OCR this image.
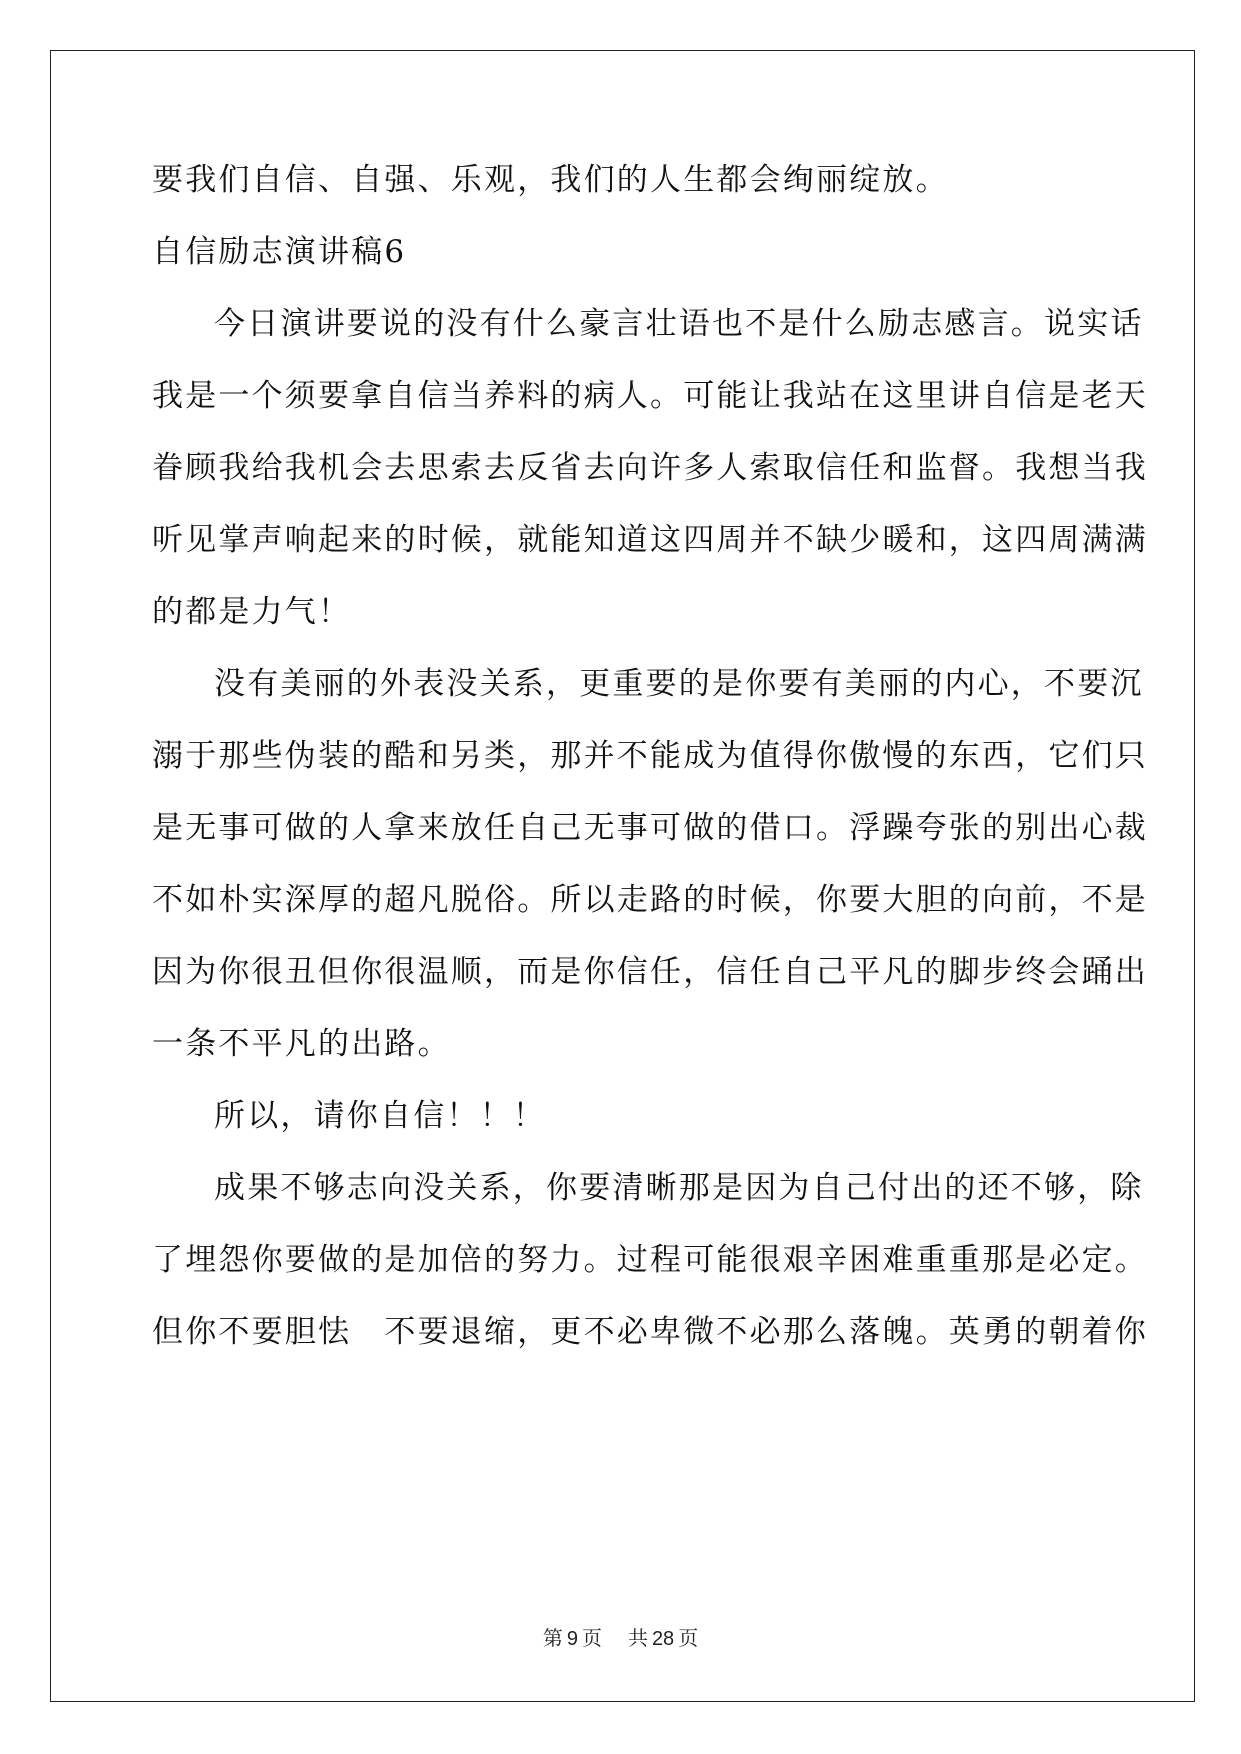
要我们自信、自强、乐观，我们的人生都会绚丽绽放。
自信励志演讲稿6
今日演讲要说的没有什么豪言壮语也不是什么励志感言。说实话
我是一个须要拿自信当养料的病人。可能让我站在这里讲自信是老天
眷顾我给我机会去思索去反省去向许多人索取信任和监督。我想当我
听见掌声响起来的时候，就能知道这四周并不缺少暖和，这四周满满
的都是力气！
没有美丽的外表没关系，更重要的是你要有美丽的内心，不要沉
溺于那些伪装的酷和另类，那并不能成为值得你傲慢的东西，它们只
是无事可做的人拿来放任自己无事可做的借口。浮躁夸张的别出心裁
不如朴实深厚的超凡脱俗。所以走路的时候，你要大胆的向前，不是
因为你很丑但你很温顺，而是你信任，信任自己平凡的脚步终会踊出
一条不平凡的出路。
所以，请你自信！！！
成果不够志向没关系，你要清晰那是因为自己付出的还不够，除
了埋怨你要做的是加倍的努力。过程可能很艰辛困难重重那是必定。
但你不要胆怯　不要退缩，更不必卑微不必那么落魄。英勇的朝着你
第 9 页 共 28 页
